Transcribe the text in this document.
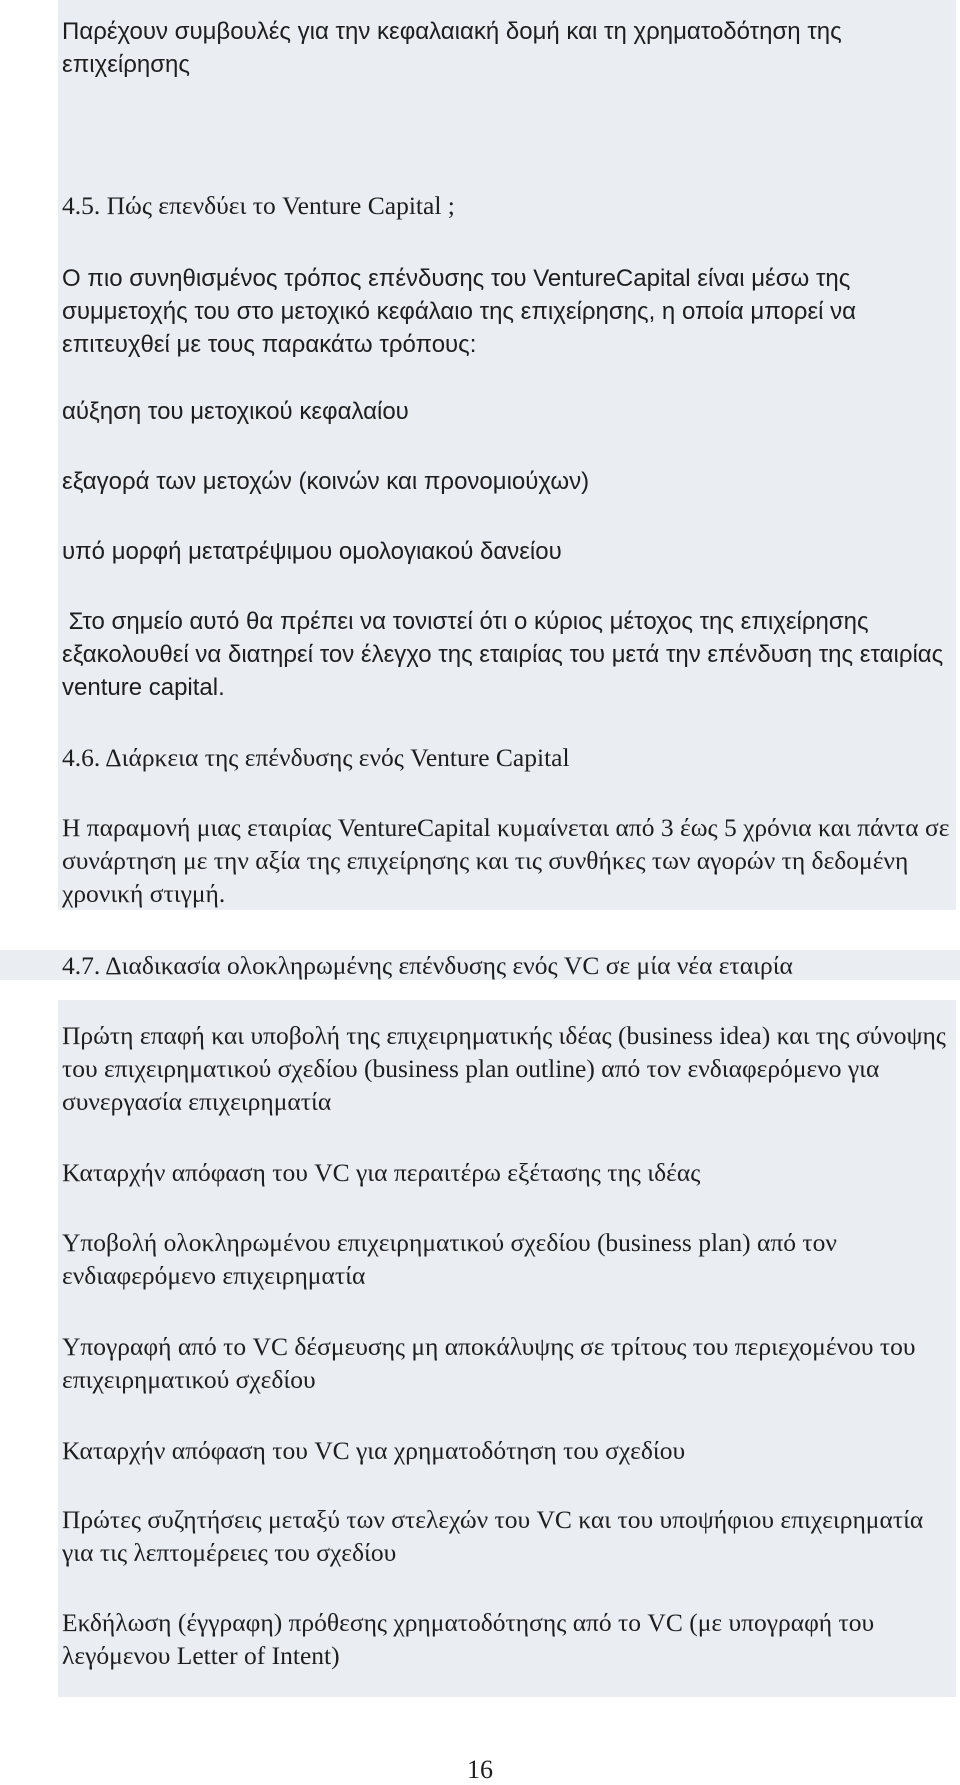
Παρέχουν συμβουλές για την κεφαλαιακή δομή και τη χρηματοδότηση της επιχείρησης

4.5. Πώς επενδύει το Venture Capital ;

Ο πιο συνηθισμένος τρόπος επένδυσης του VentureCapital είναι μέσω της συμμετοχής του στο μετοχικό κεφάλαιο της επιχείρησης, η οποία μπορεί να επιτευχθεί με τους παρακάτω τρόπους:

αύξηση του μετοχικού κεφαλαίου

εξαγορά των μετοχών (κοινών και προνομιούχων)

υπό μορφή μετατρέψιμου ομολογιακού δανείου

Στο σημείο αυτό θα πρέπει να τονιστεί ότι ο κύριος μέτοχος της επιχείρησης εξακολουθεί να διατηρεί τον έλεγχο της εταιρίας του μετά την επένδυση της εταιρίας venture capital.

4.6. Διάρκεια της επένδυσης ενός Venture Capital

Η παραμονή μιας εταιρίας VentureCapital κυμαίνεται από 3 έως 5 χρόνια και πάντα σε συνάρτηση με την αξία της επιχείρησης και τις συνθήκες των αγορών τη δεδομένη χρονική στιγμή.

4.7. Διαδικασία ολοκληρωμένης επένδυσης ενός VC σε μία νέα εταιρία

Πρώτη επαφή και υποβολή της επιχειρηματικής ιδέας (business idea) και της σύνοψης του επιχειρηματικού σχεδίου (business plan outline) από τον ενδιαφερόμενο για συνεργασία επιχειρηματία

Καταρχήν απόφαση του VC για περαιτέρω εξέτασης της ιδέας

Υποβολή ολοκληρωμένου επιχειρηματικού σχεδίου (business plan) από τον ενδιαφερόμενο επιχειρηματία

Υπογραφή από το VC δέσμευσης μη αποκάλυψης σε τρίτους του περιεχομένου του επιχειρηματικού σχεδίου

Καταρχήν απόφαση του VC για χρηματοδότηση του σχεδίου

Πρώτες συζητήσεις μεταξύ των στελεχών του VC και του υποψήφιου επιχειρηματία για τις λεπτομέρειες του σχεδίου

Εκδήλωση (έγγραφη) πρόθεσης χρηματοδότησης από το VC (με υπογραφή του λεγόμενου Letter of Intent)

16
